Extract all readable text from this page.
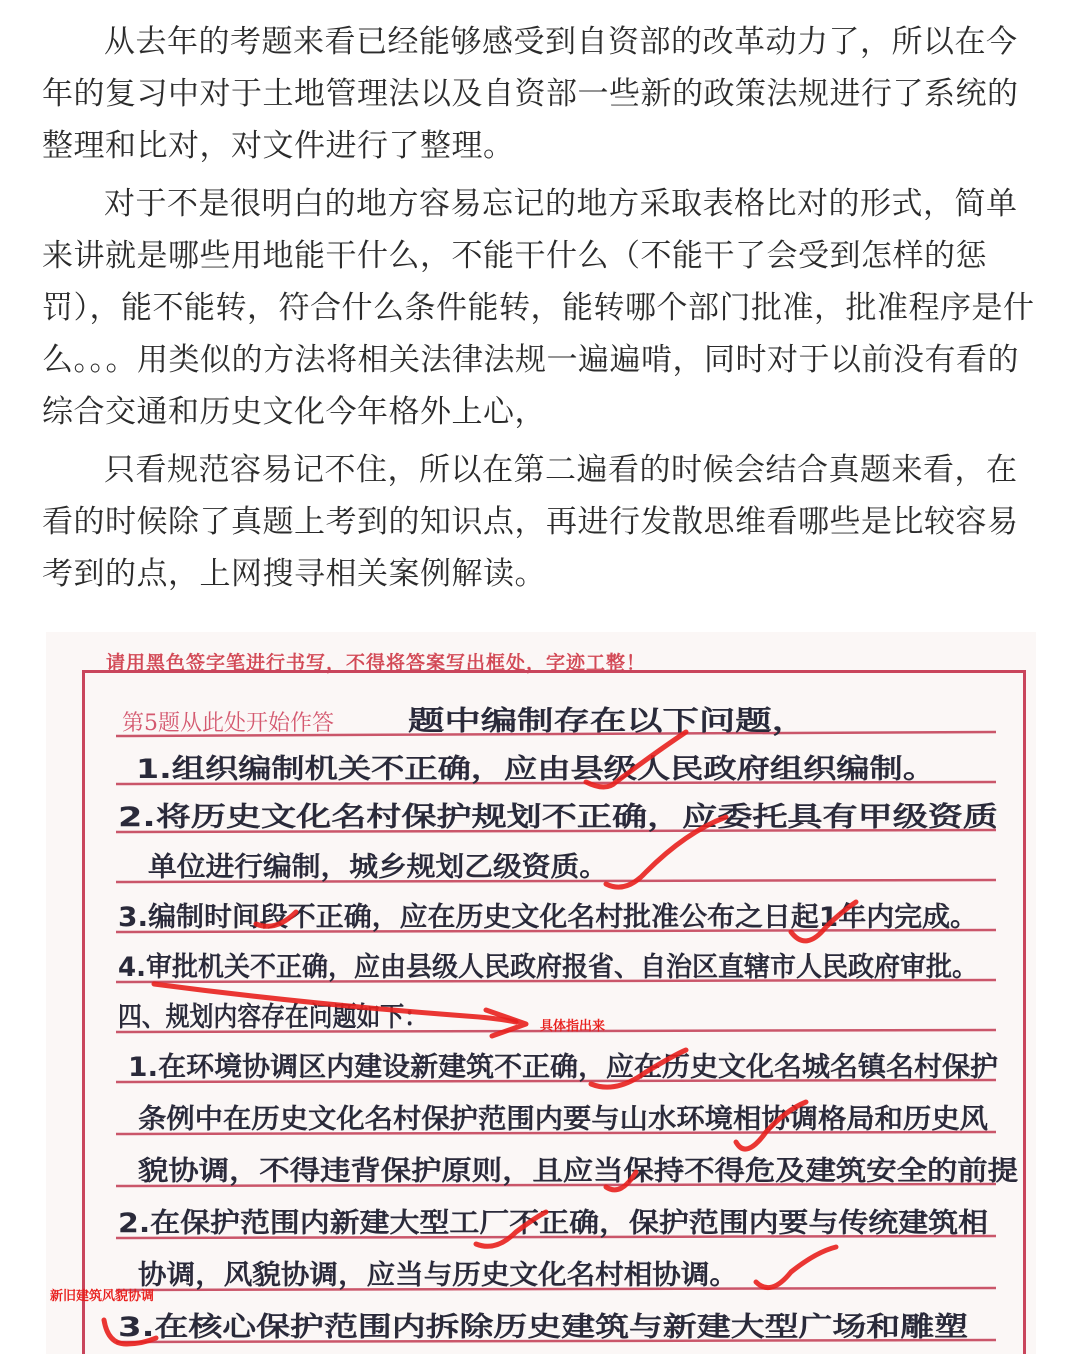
从去年的考题来看已经能够感受到自资部的改革动力了，所以在今年的复习中对于土地管理法以及自资部一些新的政策法规进行了系统的整理和比对，对文件进行了整理。

对于不是很明白的地方容易忘记的地方采取表格比对的形式，简单来讲就是哪些用地能干什么，不能干什么（不能干了会受到怎样的惩罚），能不能转，符合什么条件能转，能转哪个部门批准，批准程序是什么。。。用类似的方法将相关法律法规一遍遍啃，同时对于以前没有看的综合交通和历史文化今年格外上心，

只看规范容易记不住，所以在第二遍看的时候会结合真题来看，在看的时候除了真题上考到的知识点，再进行发散思维看哪些是比较容易考到的点，上网搜寻相关案例解读。

请用黑色签字笔进行书写，不得将答案写出框处，字迹工整！
第5题从此处开始作答	题中编制存在以下问题，
1.组织编制机关不正确，应由县级人民政府组织编制。
2.将历史文化名村保护规划不正确，应委托具有甲级资质
单位进行编制，城乡规划乙级资质。
3.编制时间段不正确，应在历史文化名村批准公布之日起1年内完成。
4.审批机关不正确，应由县级人民政府报省、自治区直辖市人民政府审批。
四、规划内容存在问题如下：
1.在环境协调区内建设新建筑不正确，应在历史文化名城名镇名村保护
条例中在历史文化名村保护范围内要与山水环境相协调格局和历史风
貌协调，不得违背保护原则，且应当保持不得危及建筑安全的前提
2.在保护范围内新建大型工厂不正确，保护范围内要与传统建筑相
协调，风貌协调，应当与历史文化名村相协调。
3.在核心保护范围内拆除历史建筑与新建大型广场和雕塑
具体指出来
新旧建筑风貌协调
